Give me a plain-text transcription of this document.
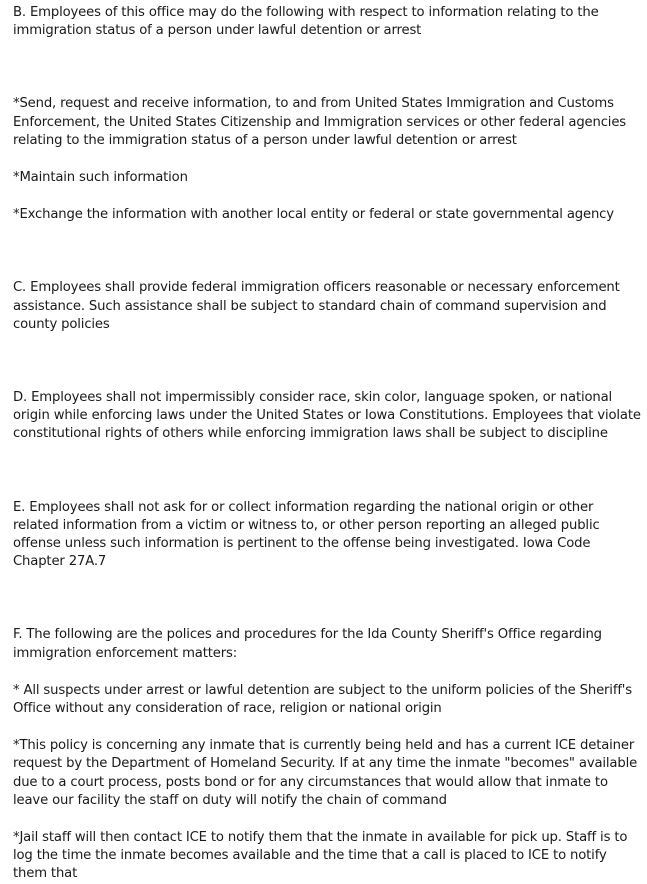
B. Employees of this office may do the following with respect to information relating to the immigration status of a person under lawful detention or arrest

*Send, request and receive information, to and from United States Immigration and Customs Enforcement, the United States Citizenship and Immigration services or other federal agencies relating to the immigration status of a person under lawful detention or arrest

*Maintain such information

*Exchange the information with another local entity or federal or state governmental agency

C. Employees shall provide federal immigration officers reasonable or necessary enforcement assistance. Such assistance shall be subject to standard chain of command supervision and county policies

D. Employees shall not impermissibly consider race, skin color, language spoken, or national origin while enforcing laws under the United States or Iowa Constitutions. Employees that violate constitutional rights of others while enforcing immigration laws shall be subject to discipline

E. Employees shall not ask for or collect information regarding the national origin or other related information from a victim or witness to, or other person reporting an alleged public offense unless such information is pertinent to the offense being investigated. Iowa Code Chapter 27A.7

F. The following are the polices and procedures for the Ida County Sheriff's Office regarding immigration enforcement matters:

* All suspects under arrest or lawful detention are subject to the uniform policies of the Sheriff's Office without any consideration of race, religion or national origin

*This policy is concerning any inmate that is currently being held and has a current ICE detainer request by the Department of Homeland Security. If at any time the inmate "becomes" available due to a court process, posts bond or for any circumstances that would allow that inmate to leave our facility the staff on duty will notify the chain of command

*Jail staff will then contact ICE to notify them that the inmate in available for pick up. Staff is to log the time the inmate becomes available and the time that a call is placed to ICE to notify them that
